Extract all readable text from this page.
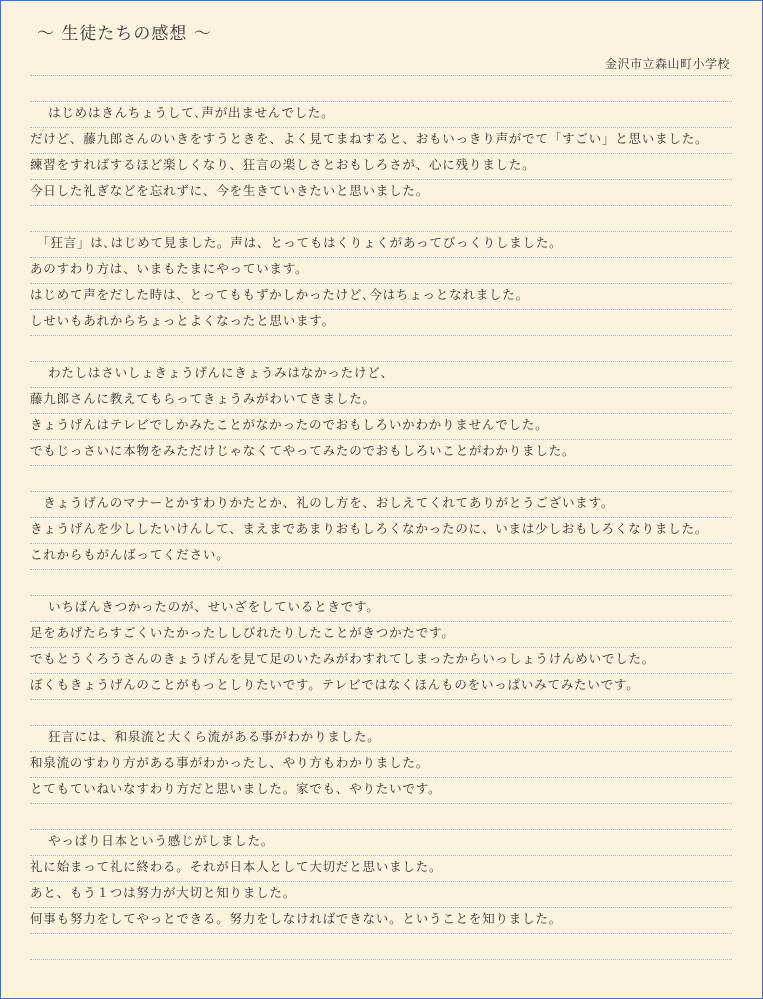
～ 生徒たちの感想 ～
金沢市立森山町小学校
　 はじめはきんちょうして､声が出ませんでした。
だけど、藤九郎さんのいきをすうときを、よく見てまねすると、おもいっきり声がでて「すごい」と思いました。
練習をすればするほど楽しくなり、狂言の楽しさとおもしろさが、心に残りました。
今日した礼ぎなどを忘れずに、今を生きていきたいと思いました。
　「狂言」は､はじめて見ました。声は、とってもはくりょくがあってびっくりしました。
あのすわり方は、いまもたまにやっています。
はじめて声をだした時は、とってももずかしかったけど､今はちょっとなれました。
しせいもあれからちょっとよくなったと思います。
　 わたしはさいしょきょうげんにきょうみはなかったけど、
藤九郎さんに教えてもらってきょうみがわいてきました。
きょうげんはテレビでしかみたことがなかったのでおもしろいかわかりませんでした。
でもじっさいに本物をみただけじゃなくてやってみたのでおもしろいことがわかりました。
　きょうげんのマナーとかすわりかたとか、礼のし方を、おしえてくれてありがとうございます。
きょうげんを少ししたいけんして、まえまであまりおもしろくなかったのに、いまは少しおもしろくなりました。
これからもがんばってください。
　 いちばんきつかったのが、せいざをしているときです。
足をあげたらすごくいたかったししびれたりしたことがきつかたです。
でもとうくろうさんのきょうげんを見て足のいたみがわすれてしまったからいっしょうけんめいでした。
ぼくもきょうげんのことがもっとしりたいです。テレビではなくほんものをいっぱいみてみたいです。
　 狂言には、和泉流と大くら流がある事がわかりました。
和泉流のすわり方がある事がわかったし、やり方もわかりました。
とてもていねいなすわり方だと思いました。家でも、やりたいです。
　 やっぱり日本という感じがしました。
礼に始まって礼に終わる。それが日本人として大切だと思いました。
あと、もう１つは努力が大切と知りました。
何事も努力をしてやっとできる。努力をしなければできない。ということを知りました。
